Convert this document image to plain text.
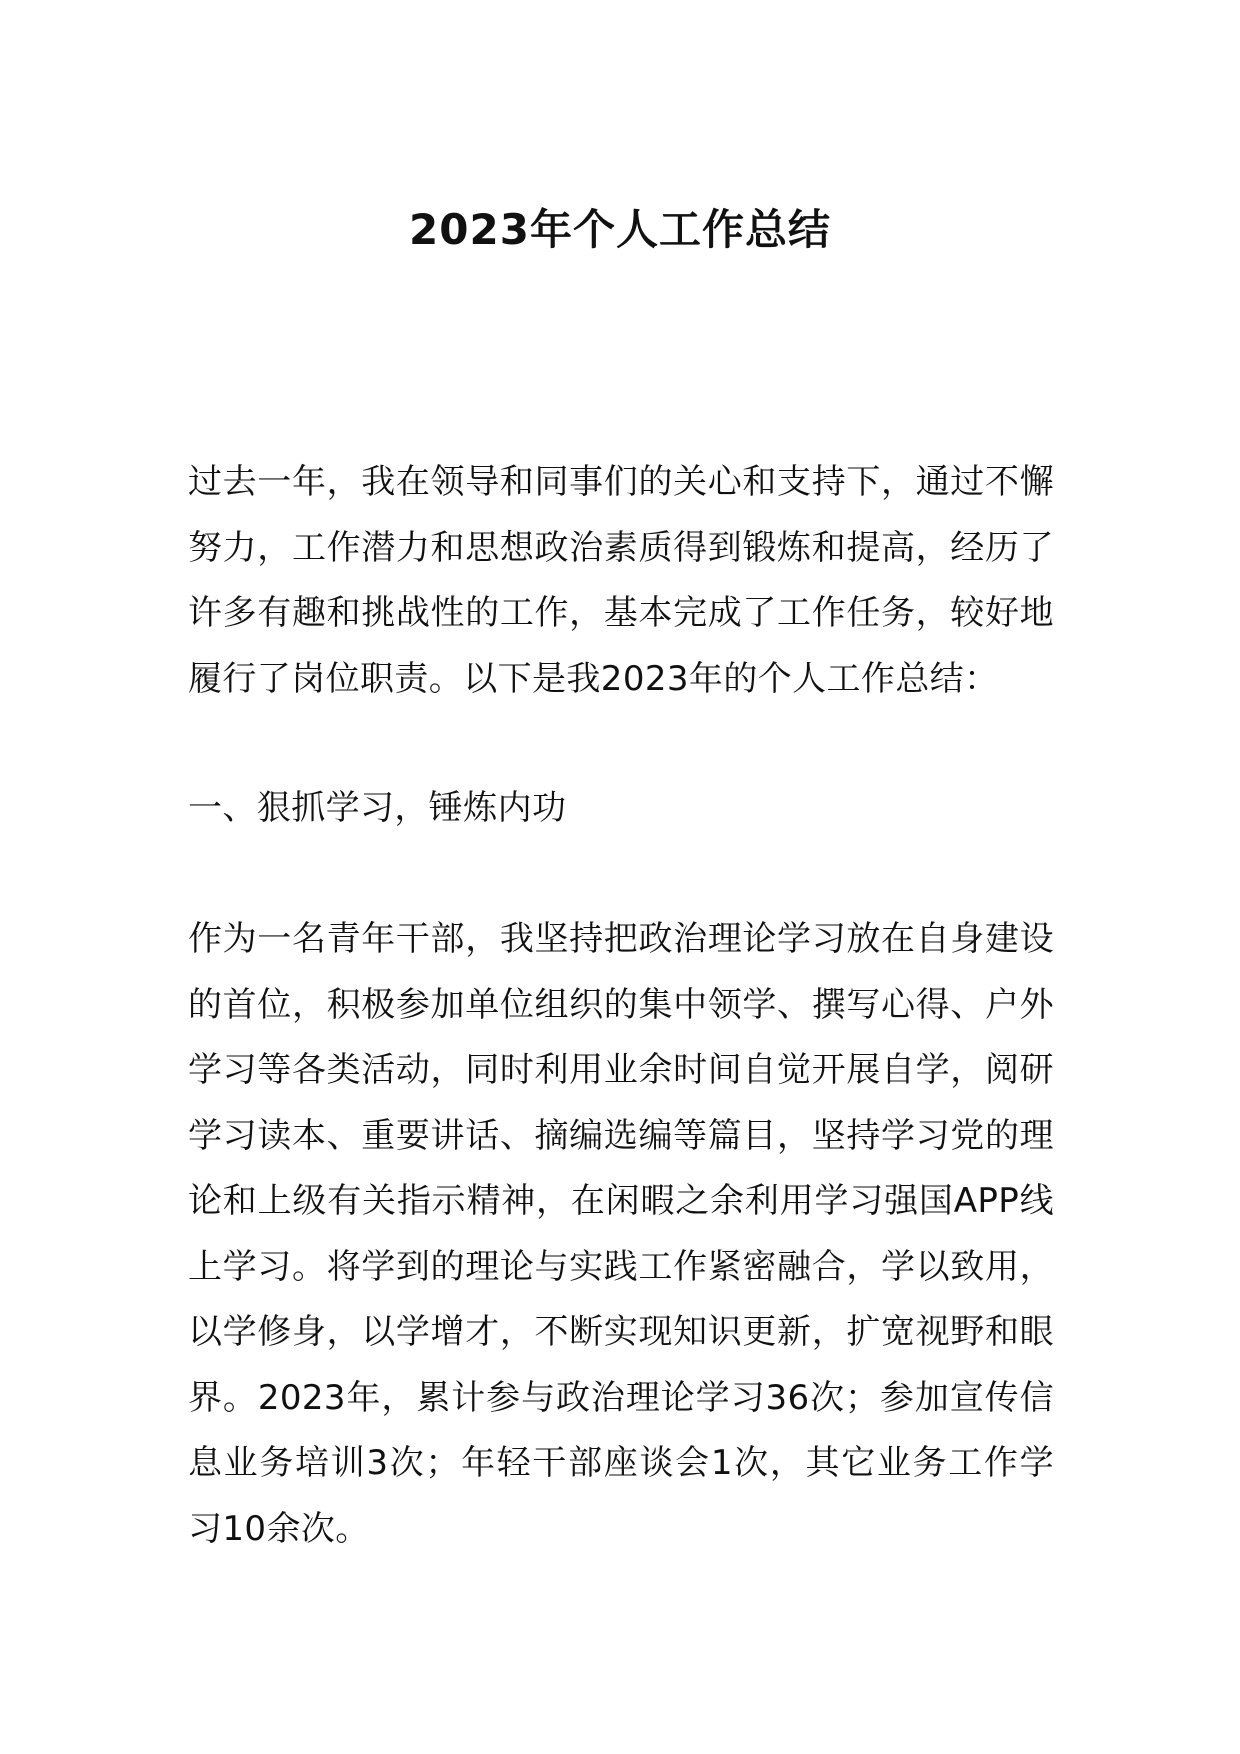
2023年个人工作总结

过去一年，我在领导和同事们的关心和支持下，通过不懈努力，工作潜力和思想政治素质得到锻炼和提高，经历了许多有趣和挑战性的工作，基本完成了工作任务，较好地履行了岗位职责。以下是我2023年的个人工作总结：

一、狠抓学习，锤炼内功

作为一名青年干部，我坚持把政治理论学习放在自身建设的首位，积极参加单位组织的集中领学、撰写心得、户外学习等各类活动，同时利用业余时间自觉开展自学，阅研学习读本、重要讲话、摘编选编等篇目，坚持学习党的理论和上级有关指示精神，在闲暇之余利用学习强国APP线上学习。将学到的理论与实践工作紧密融合，学以致用，以学修身，以学增才，不断实现知识更新，扩宽视野和眼界。2023年，累计参与政治理论学习36次；参加宣传信息业务培训3次；年轻干部座谈会1次，其它业务工作学习10余次。
